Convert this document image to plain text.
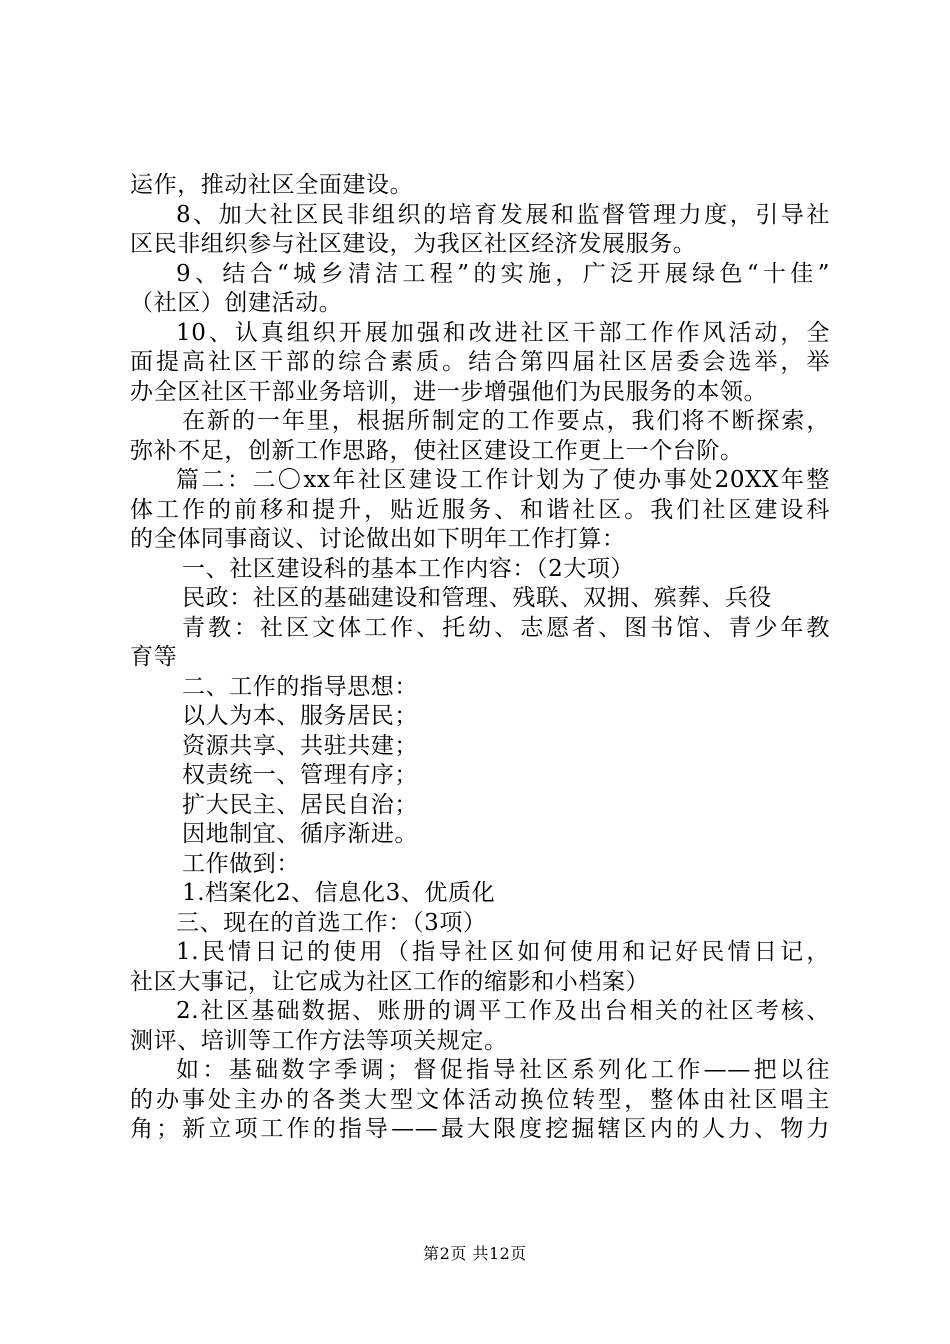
运作，推动社区全面建设。
8、加大社区民非组织的培育发展和监督管理力度，引导社
区民非组织参与社区建设，为我区社区经济发展服务。
9、结合“城乡清洁工程”的实施，广泛开展绿色“十佳”
（社区）创建活动。
10、认真组织开展加强和改进社区干部工作作风活动，全
面提高社区干部的综合素质。结合第四届社区居委会选举，举
办全区社区干部业务培训，进一步增强他们为民服务的本领。
在新的一年里，根据所制定的工作要点，我们将不断探索，
弥补不足，创新工作思路，使社区建设工作更上一个台阶。
篇二：二〇xx年社区建设工作计划为了使办事处20XX年整
体工作的前移和提升，贴近服务、和谐社区。我们社区建设科
的全体同事商议、讨论做出如下明年工作打算：
一、社区建设科的基本工作内容：（2大项）
民政：社区的基础建设和管理、残联、双拥、殡葬、兵役
青教：社区文体工作、托幼、志愿者、图书馆、青少年教
育等
二、工作的指导思想：
以人为本、服务居民；
资源共享、共驻共建；
权责统一、管理有序；
扩大民主、居民自治；
因地制宜、循序渐进。
工作做到：
1.档案化2、信息化3、优质化
三、现在的首选工作：（3项）
1.民情日记的使用（指导社区如何使用和记好民情日记，
社区大事记，让它成为社区工作的缩影和小档案）
2.社区基础数据、账册的调平工作及出台相关的社区考核、
测评、培训等工作方法等项关规定。
如：基础数字季调；督促指导社区系列化工作——把以往
的办事处主办的各类大型文体活动换位转型，整体由社区唱主
角；新立项工作的指导——最大限度挖掘辖区内的人力、物力
第2页 共12页
